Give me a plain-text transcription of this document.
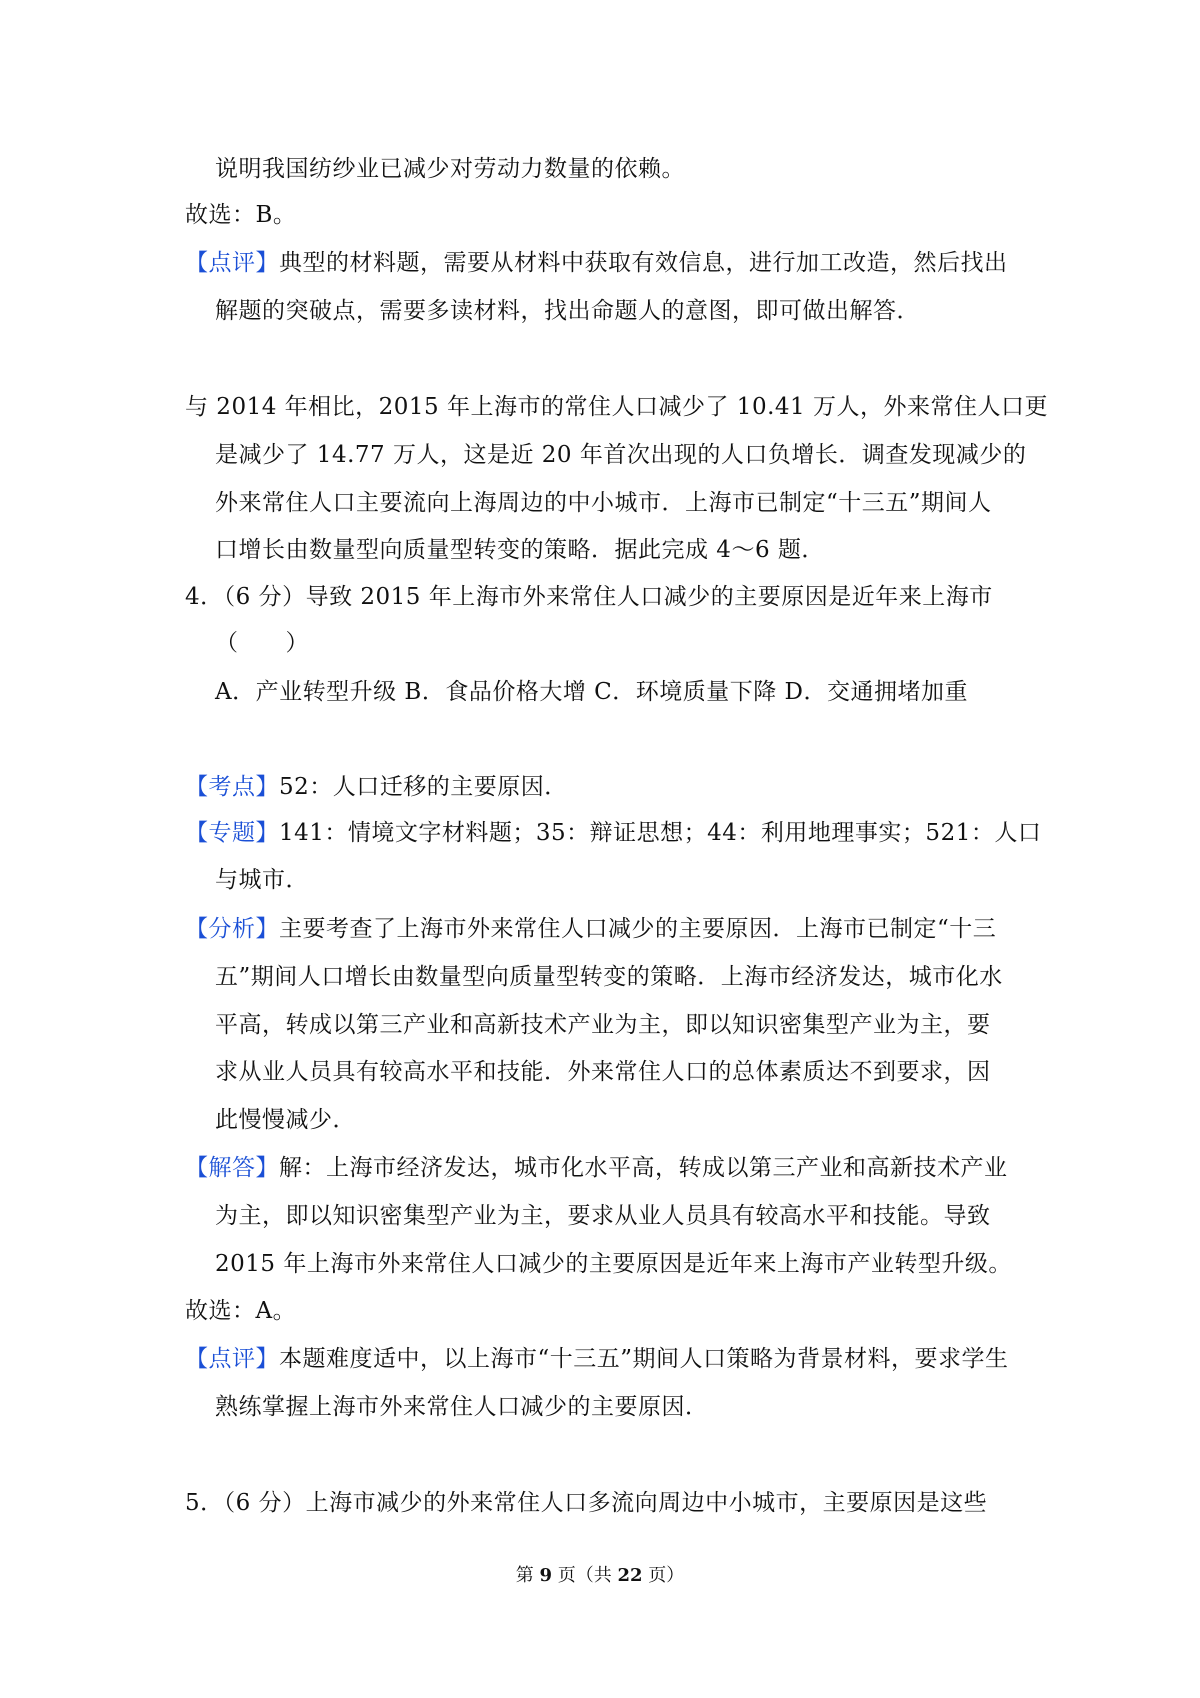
说明我国纺纱业已减少对劳动力数量的依赖。
故选：B。
【点评】典型的材料题，需要从材料中获取有效信息，进行加工改造，然后找出
解题的突破点，需要多读材料，找出命题人的意图，即可做出解答．
与 2014 年相比，2015 年上海市的常住人口减少了 10.41 万人，外来常住人口更
是减少了 14.77 万人，这是近 20 年首次出现的人口负增长．调查发现减少的
外来常住人口主要流向上海周边的中小城市．上海市已制定“十三五”期间人
口增长由数量型向质量型转变的策略．据此完成 4～6 题．
4．（6 分）导致 2015 年上海市外来常住人口减少的主要原因是近年来上海市
（　　）
A．产业转型升级 B．食品价格大增 C．环境质量下降 D．交通拥堵加重
【考点】52：人口迁移的主要原因．
【专题】141：情境文字材料题；35：辩证思想；44：利用地理事实；521：人口
与城市．
【分析】主要考查了上海市外来常住人口减少的主要原因．上海市已制定“十三
五”期间人口增长由数量型向质量型转变的策略．上海市经济发达，城市化水
平高，转成以第三产业和高新技术产业为主，即以知识密集型产业为主，要
求从业人员具有较高水平和技能．外来常住人口的总体素质达不到要求，因
此慢慢减少．
【解答】解：上海市经济发达，城市化水平高，转成以第三产业和高新技术产业
为主，即以知识密集型产业为主，要求从业人员具有较高水平和技能。导致
2015 年上海市外来常住人口减少的主要原因是近年来上海市产业转型升级。
故选：A。
【点评】本题难度适中，以上海市“十三五”期间人口策略为背景材料，要求学生
熟练掌握上海市外来常住人口减少的主要原因．
5．（6 分）上海市减少的外来常住人口多流向周边中小城市，主要原因是这些
第 9 页（共 22 页）
